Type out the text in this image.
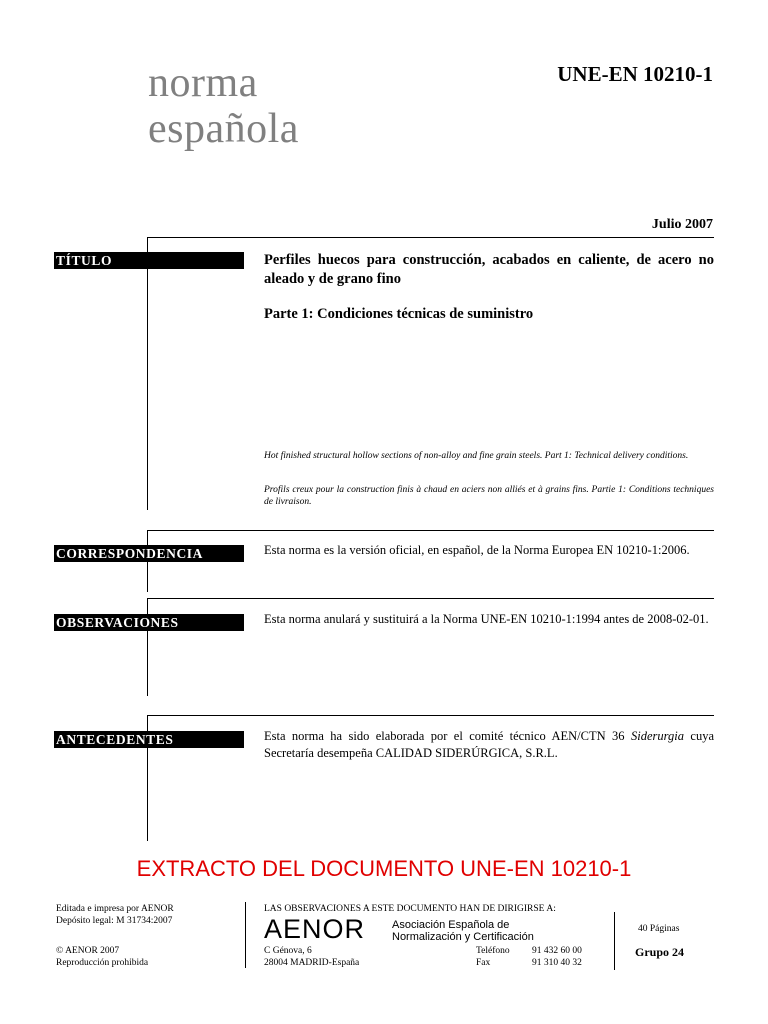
norma
española
UNE-EN 10210-1
Julio 2007
TÍTULO	Perfiles huecos para construcción, acabados en caliente, de acero no aleado y de grano fino
Parte 1: Condiciones técnicas de suministro
Hot finished structural hollow sections of non-alloy and fine grain steels. Part 1: Technical delivery conditions.
Profils creux pour la construction finis à chaud en aciers non alliés et à grains fins. Partie 1: Conditions techniques de livraison.
CORRESPONDENCIA	Esta norma es la versión oficial, en español, de la Norma Europea EN 10210-1:2006.
OBSERVACIONES	Esta norma anulará y sustituirá a la Norma UNE-EN 10210-1:1994 antes de 2008-02-01.
ANTECEDENTES	Esta norma ha sido elaborada por el comité técnico AEN/CTN 36 Siderurgia cuya Secretaría desempeña CALIDAD SIDERÚRGICA, S.R.L.
EXTRACTO DEL DOCUMENTO UNE-EN 10210-1
Editada e impresa por AENOR
Depósito legal: M 31734:2007
© AENOR 2007
Reproducción prohibida
LAS OBSERVACIONES A ESTE DOCUMENTO HAN DE DIRIGIRSE A:
AENOR Asociación Española de
Normalización y Certificación
C Génova, 6
28004 MADRID-España
Teléfono 91 432 60 00
Fax	91 310 40 32
40 Páginas
Grupo 24
